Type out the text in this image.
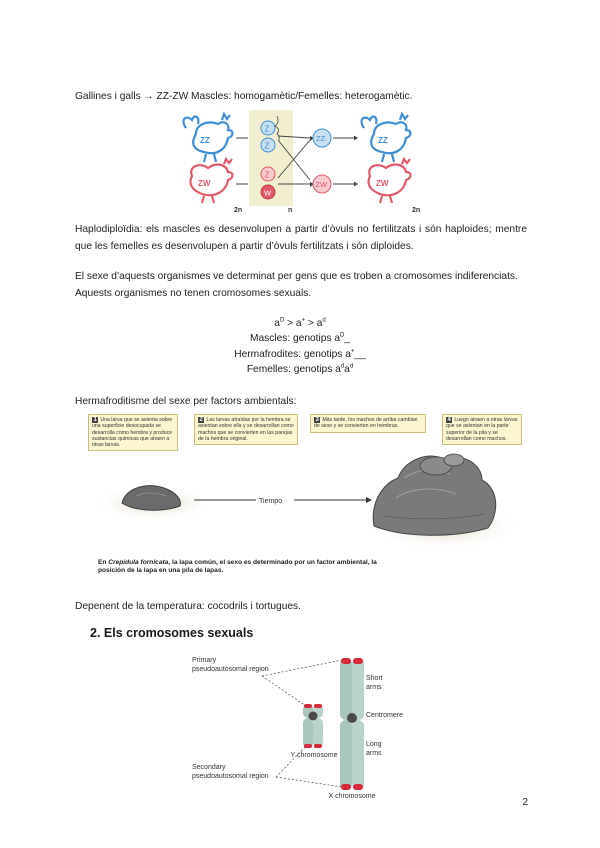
Gallines i galls → ZZ-ZW Mascles: homogamètic/Femelles: heterogamètic.
ZZ
ZW
Z
Z
Z
W
ZZ
ZW
ZZ
ZW
2n	n	2n
Haplodiploïdia: els mascles es desenvolupen a partir d’òvuls no fertilitzats i són haploides; mentre que les femelles es desenvolupen a partir d’òvuls fertilitzats i són diploides.
El sexe d’aquests organismes ve determinat per gens que es troben a cromosomes indiferenciats. Aquests organismes no tenen cromosomes sexuals.
$a^D > a^+ > a^d$
Mascles: genotips $a^D\_$
Hermafrodites: genotips a+__
Femelles: genotips $a^da^d$
Hermafroditisme del sexe per factors ambientals:
Tiempo
1 Una larva que se asienta sobre una superficie desocupada se desarrolla como hembra y produce sustancias químicas que atraen a otras larvas.
2 Las larvas atraídas por la hembra se asientan sobre ella y se desarrollan como machos que se convierten en las parejas de la hembra original.
3 Más tarde, los machos de arriba cambian de sexo y se convierten en hembras.
4 Luego atraen a otras larvas que se asientan en la parte superior de la pila y se desarrollan como machos.
En Crepidula fornicata, la lapa común, el sexo es determinado por un factor ambiental, la posición de la lapa en una pila de lapas.
Depenent de la temperatura: cocodrils i tortugues.
2. Els cromosomes sexuals
Primary pseudoautosomal region
Short arms
Centromere
Long arms
Y chromosome
Secondary pseudoautosomal region
X chromosome
2
